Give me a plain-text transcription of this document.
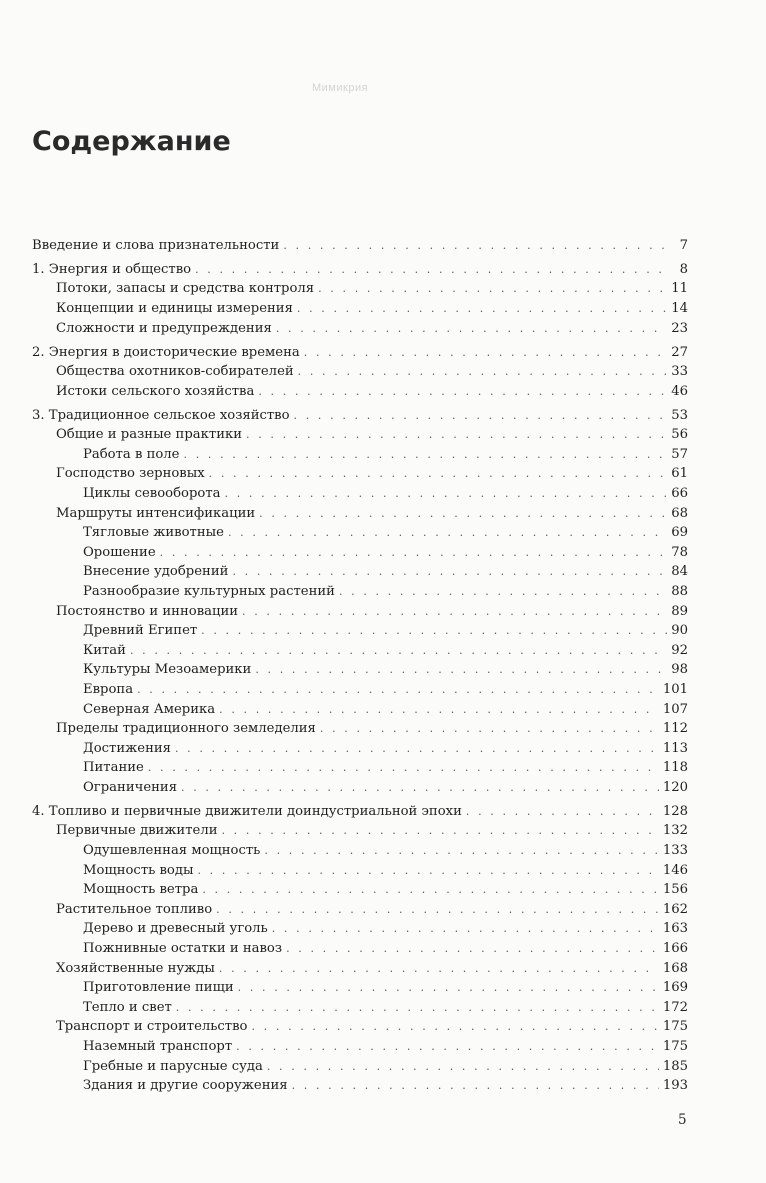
Мимикрия
Содержание
Введение и слова признательности . . .	7
1. Энергия и общество . . .	8
Потоки, запасы и средства контроля . . .	11
Концепции и единицы измерения . . .	14
Сложности и предупреждения . . .	23
2. Энергия в доисторические времена . . .	27
Общества охотников-собирателей . . .	33
Истоки сельского хозяйства . . .	46
3. Традиционное сельское хозяйство . . .	53
Общие и разные практики . . .	56
Работа в поле . . .	57
Господство зерновых . . .	61
Циклы севооборота . . .	66
Маршруты интенсификации . . .	68
Тягловые животные . . .	69
Орошение . . .	78
Внесение удобрений . . .	84
Разнообразие культурных растений . . .	88
Постоянство и инновации . . .	89
Древний Египет . . .	90
Китай . . .	92
Культуры Мезоамерики . . .	98
Европа . . .	101
Северная Америка . . .	107
Пределы традиционного земледелия . . .	112
Достижения . . .	113
Питание . . .	118
Ограничения . . .	120
4. Топливо и первичные движители доиндустриальной эпохи . . .	128
Первичные движители . . .	132
Одушевленная мощность . . .	133
Мощность воды . . .	146
Мощность ветра . . .	156
Растительное топливо . . .	162
Дерево и древесный уголь . . .	163
Пожнивные остатки и навоз . . .	166
Хозяйственные нужды . . .	168
Приготовление пищи . . .	169
Тепло и свет . . .	172
Транспорт и строительство . . .	175
Наземный транспорт . . .	175
Гребные и парусные суда . . .	185
Здания и другие сооружения . . .	193
5
